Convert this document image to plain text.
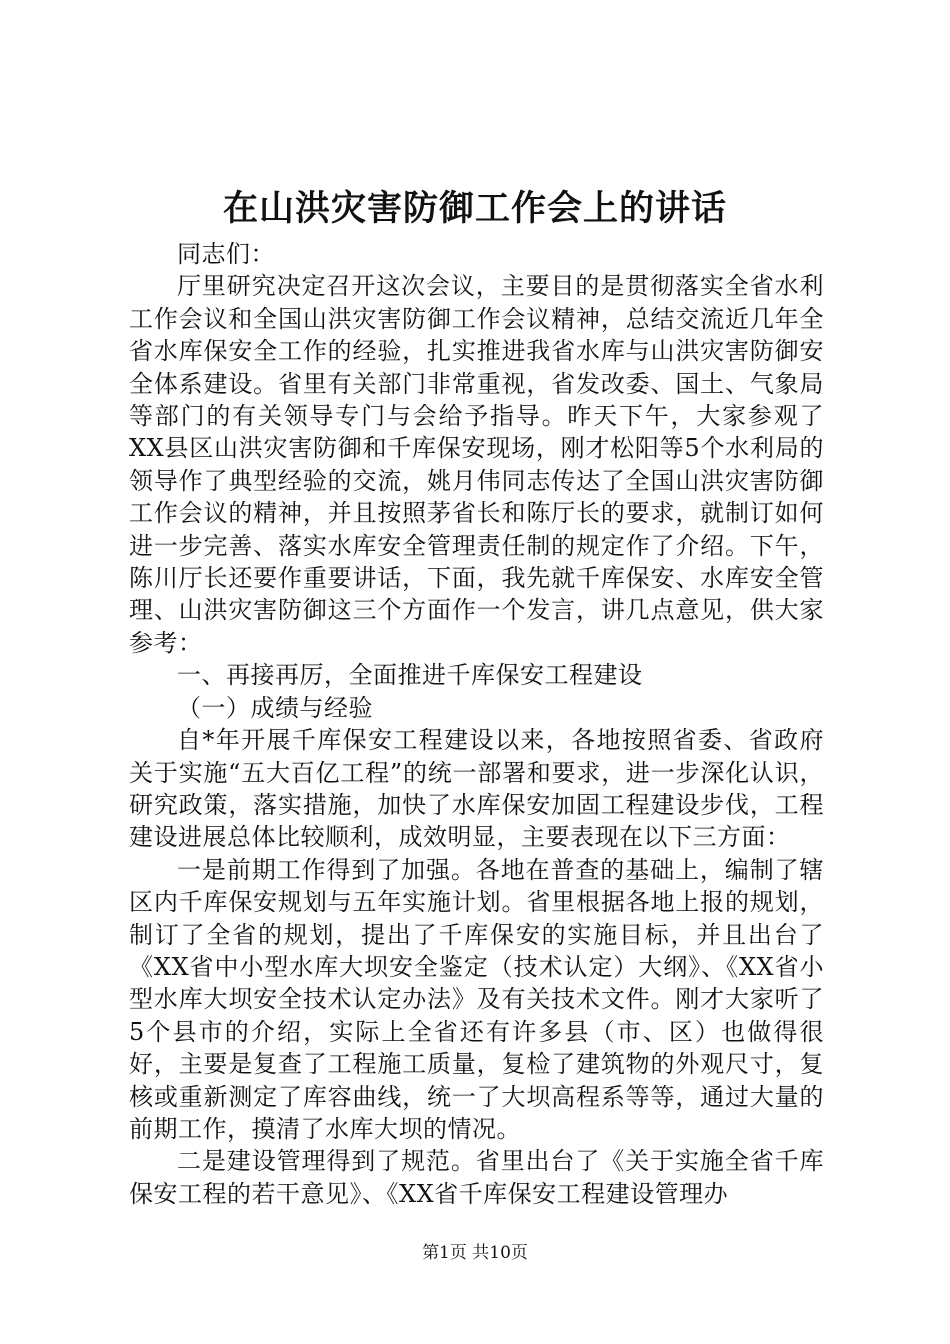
在山洪灾害防御工作会上的讲话

同志们：

厅里研究决定召开这次会议，主要目的是贯彻落实全省水利工作会议和全国山洪灾害防御工作会议精神，总结交流近几年全省水库保安全工作的经验，扎实推进我省水库与山洪灾害防御安全体系建设。省里有关部门非常重视，省发改委、国土、气象局等部门的有关领导专门与会给予指导。昨天下午，大家参观了XX县区山洪灾害防御和千库保安现场，刚才松阳等5个水利局的领导作了典型经验的交流，姚月伟同志传达了全国山洪灾害防御工作会议的精神，并且按照茅省长和陈厅长的要求，就制订如何进一步完善、落实水库安全管理责任制的规定作了介绍。下午，陈川厅长还要作重要讲话，下面，我先就千库保安、水库安全管理、山洪灾害防御这三个方面作一个发言，讲几点意见，供大家参考：

一、再接再厉，全面推进千库保安工程建设

（一）成绩与经验

自*年开展千库保安工程建设以来，各地按照省委、省政府关于实施“五大百亿工程”的统一部署和要求，进一步深化认识，研究政策，落实措施，加快了水库保安加固工程建设步伐，工程建设进展总体比较顺利，成效明显，主要表现在以下三方面：

一是前期工作得到了加强。各地在普查的基础上，编制了辖区内千库保安规划与五年实施计划。省里根据各地上报的规划，制订了全省的规划，提出了千库保安的实施目标，并且出台了《XX省中小型水库大坝安全鉴定（技术认定）大纲》、《XX省小型水库大坝安全技术认定办法》及有关技术文件。刚才大家听了5个县市的介绍，实际上全省还有许多县（市、区）也做得很好，主要是复查了工程施工质量，复检了建筑物的外观尺寸，复核或重新测定了库容曲线，统一了大坝高程系等等，通过大量的前期工作，摸清了水库大坝的情况。

二是建设管理得到了规范。省里出台了《关于实施全省千库保安工程的若干意见》、《XX省千库保安工程建设管理办

第1页 共10页
